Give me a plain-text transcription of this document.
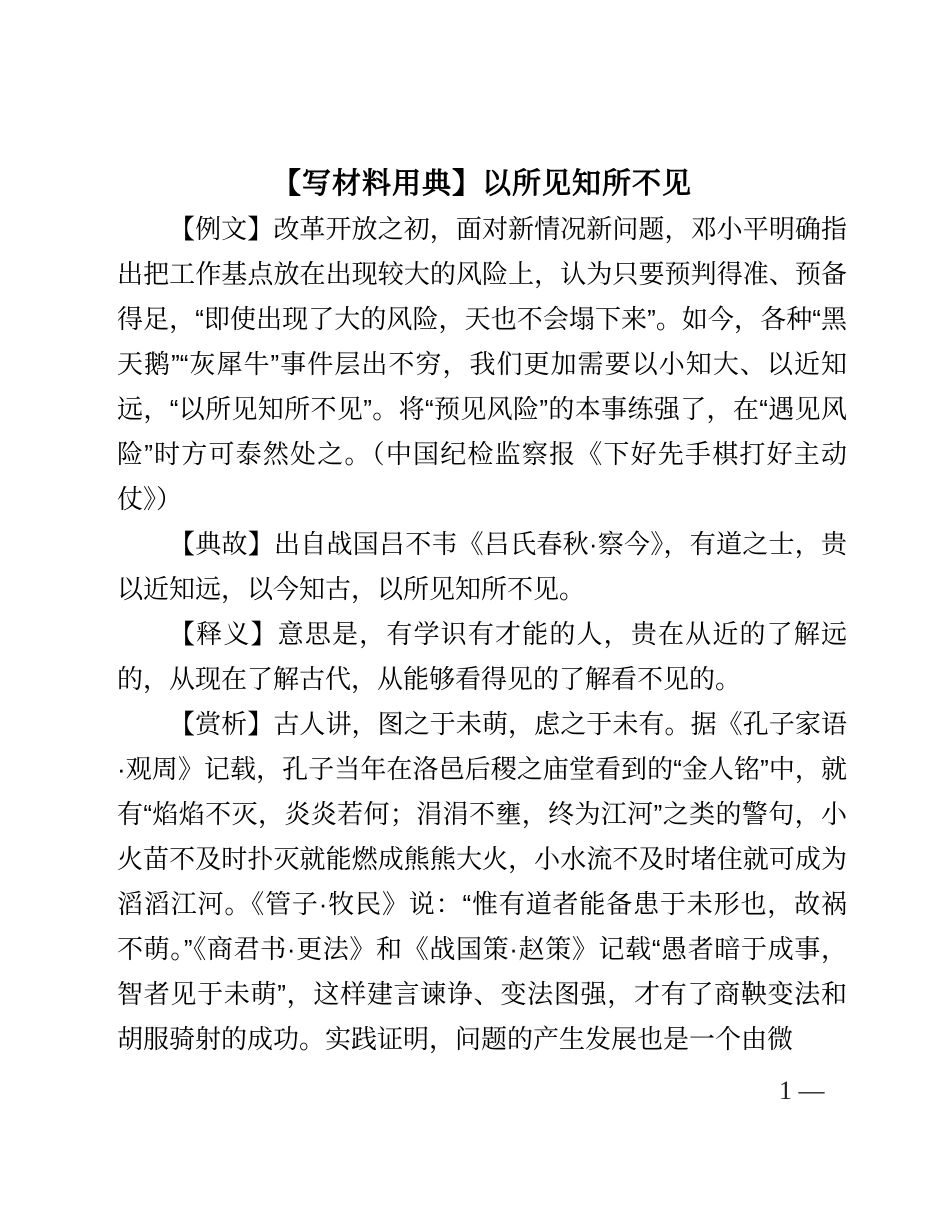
【写材料用典】以所见知所不见

【例文】改革开放之初，面对新情况新问题，邓小平明确指出把工作基点放在出现较大的风险上，认为只要预判得准、预备得足，“即使出现了大的风险，天也不会塌下来”。如今，各种“黑天鹅”“灰犀牛”事件层出不穷，我们更加需要以小知大、以近知远，“以所见知所不见”。将“预见风险”的本事练强了，在“遇见风险”时方可泰然处之。（中国纪检监察报《下好先手棋打好主动仗》）

【典故】出自战国吕不韦《吕氏春秋·察今》，有道之士，贵以近知远，以今知古，以所见知所不见。

【释义】意思是，有学识有才能的人，贵在从近的了解远的，从现在了解古代，从能够看得见的了解看不见的。

【赏析】古人讲，图之于未萌，虑之于未有。据《孔子家语·观周》记载，孔子当年在洛邑后稷之庙堂看到的“金人铭”中，就有“焰焰不灭，炎炎若何；涓涓不壅，终为江河”之类的警句，小火苗不及时扑灭就能燃成熊熊大火，小水流不及时堵住就可成为滔滔江河。《管子·牧民》说：“惟有道者能备患于未形也，故祸不萌。”《商君书·更法》和《战国策·赵策》记载“愚者暗于成事，智者见于未萌”，这样建言谏诤、变法图强，才有了商鞅变法和胡服骑射的成功。实践证明，问题的产生发展也是一个由微

1 —
